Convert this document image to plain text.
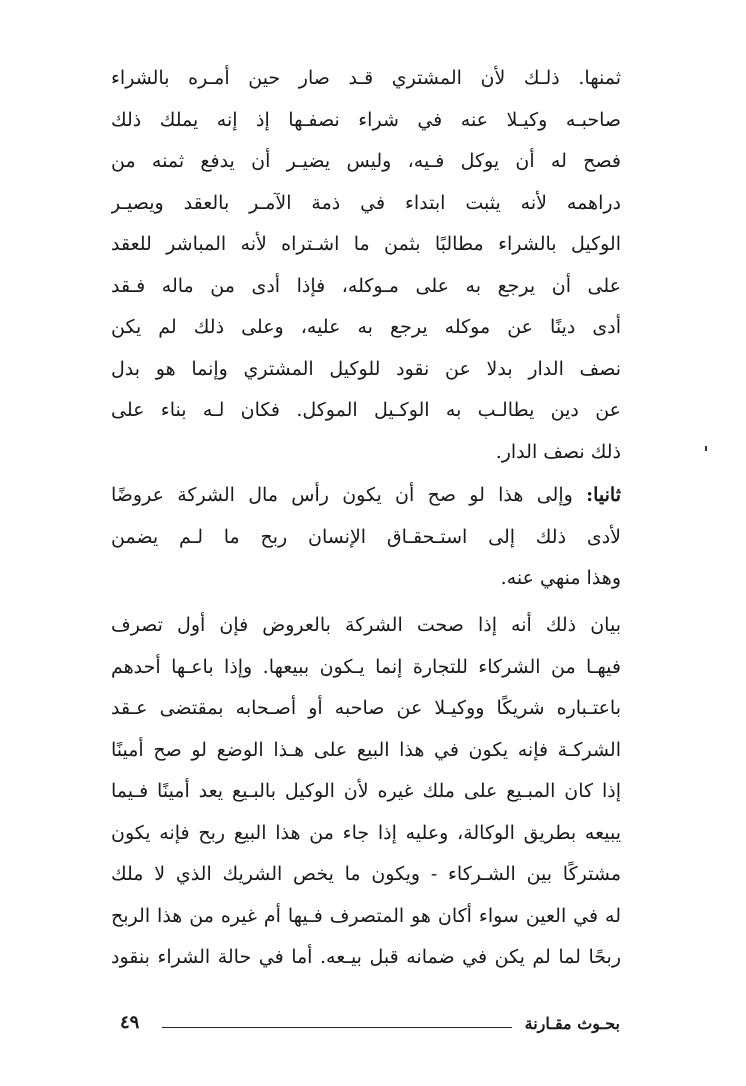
ثمنها. ذلـك لأن المشتري قـد صار حين أمـره بالشراء
صاحبـه وكيـلا عنه في شراء نصفـها إذ إنه يملك ذلك
فصح له أن يوكل فـيه، وليس يضيـر أن يدفع ثمنه من
دراهمه لأنه يثبت ابتداء في ذمة الآمـر بالعقد ويصيـر
الوكيل بالشراء مطالبًا بثمن ما اشـتراه لأنه المباشر للعقد
على أن يرجع به على مـوكله، فإذا أدى من ماله فـقد
أدى دينًا عن موكله يرجع به عليه، وعلى ذلك لم يكن
نصف الدار بدلا عن نقود للوكيل المشتري وإنما هو بدل
عن دين يطالـب به الوكـيل الموكل. فكان لـه بناء على
ذلك نصف الدار.
ثانيا: وإلى هذا لو صح أن يكون رأس مال الشركة عروضًا
لأدى ذلك إلى استـحقـاق الإنسان ربح ما لـم يضمن
وهذا منهي عنه.
بيان ذلك أنه إذا صحت الشركة بالعروض فإن أول تصرف
فيهـا من الشركاء للتجارة إنما يـكون ببيعها. وإذا باعـها أحدهم
باعتـباره شريكًا ووكيـلا عن صاحبه أو أصـحابه بمقتضى عـقد
الشركـة فإنه يكون في هذا البيع على هـذا الوضع لو صح أمينًا
إذا كان المبـيع على ملك غيره لأن الوكيل بالبـيع يعد أمينًا فـيما
يبيعه بطريق الوكالة، وعليه إذا جاء من هذا البيع ربح فإنه يكون
مشتركًا بين الشـركاء - ويكون ما يخص الشريك الذي لا ملك
له في العين سواء أكان هو المتصرف فـيها أم غيره من هذا الربح
ربحًا لما لم يكن في ضمانه قبل بيـعه. أما في حالة الشراء بنقود
بحـوث مقـارنة
٤٩
